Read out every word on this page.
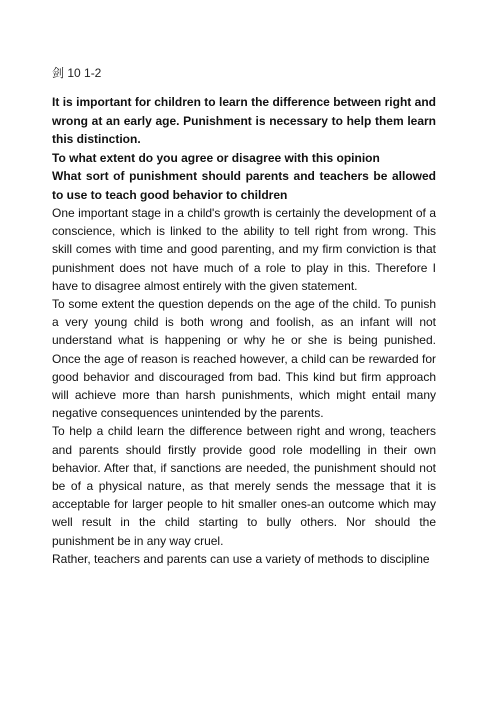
剑 10 1-2

It is important for children to learn the difference between right and wrong at an early age. Punishment is necessary to help them learn this distinction.

To what extent do you agree or disagree with this opinion

What sort of punishment should parents and teachers be allowed to use to teach good behavior to children

One important stage in a child's growth is certainly the development of a conscience, which is linked to the ability to tell right from wrong. This skill comes with time and good parenting, and my firm conviction is that punishment does not have much of a role to play in this. Therefore I have to disagree almost entirely with the given statement.

To some extent the question depends on the age of the child. To punish a very young child is both wrong and foolish, as an infant will not understand what is happening or why he or she is being punished. Once the age of reason is reached however, a child can be rewarded for good behavior and discouraged from bad. This kind but firm approach will achieve more than harsh punishments, which might entail many negative consequences unintended by the parents.

To help a child learn the difference between right and wrong, teachers and parents should firstly provide good role modelling in their own behavior. After that, if sanctions are needed, the punishment should not be of a physical nature, as that merely sends the message that it is acceptable for larger people to hit smaller ones-an outcome which may well result in the child starting to bully others. Nor should the punishment be in any way cruel.

Rather, teachers and parents can use a variety of methods to discipline
